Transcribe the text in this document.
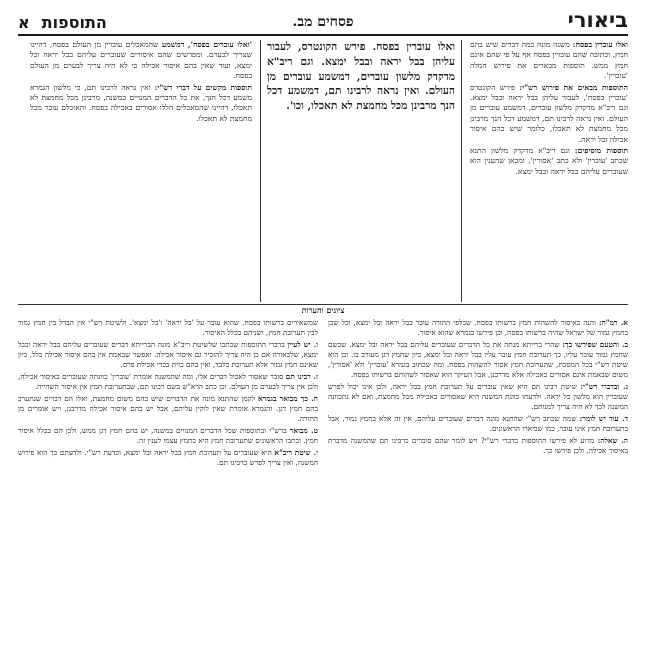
ביאורי
פסחים מב.
התוספות
א

ואלו עוברין בפסח: משנה מונה כמה דברים שיש בהם חמץ, וכתובה שהם עוברין בפסח אף על פי שהם אינם חמץ ממש. תוספות מבארים את פירוש המלה 'עוברין'.

התוספות מבאים את פירוש רש"י: פירש הקונטרס 'עוברין בפסח', לעבור עליהן בבל יראה ובבל ימצא. וגם ריב"א מדקדק מלשון עוברים, דמשמע עוברים מן העולם. ואין נראה לרבינו תם, דמשמע דכל הנך מרבינן מכל מחמצת לא תאכלו, כלומר שיש בהם איסור אכילה ובל יראה.

תוספות מוסיפים: וגם ריב"א מדקדק מלשון התנא שכתב 'עוברין' ולא כתב 'אסורין', ומכאן שהענין הוא שעוברים עליהם בבל יראה ובבל ימצא.

ואלו עוברין בפסח. פירש הקונטרס, לעבור עליהן בבל יראה ובבל ימצא. וגם ריב"א מדקדק מלשון עוברים, דמשמע עוברים מן העולם. ואין נראה לרבינו תם, דמשמע דכל הנך מרבינן מכל מחמצת לא תאכלו, וכו'.

'ואלו עוברים בפסח', דמשמע שהמאכלים עוברין מן העולם בפסח, דהיינו שצריך לבערם. ומפרשים שהם איסורים שעוברים עליהם בבל יראה ובל ימצא, ועוד שאין בהם איסור אכילה כי לא היה צריך לבערם מן העולם בפסח.

תוספות מקשים על דברי רש"י: ואין נראה לרבינו תם, כי מלשון הגמרא משמע דכל הנך, את כל הדברים המנויים במשנה, מרבינן מכל מחמצת לא תאכלו, דהיינו שהמאכלים הללו אסורים באכילה בפסח. והאוכלם עובר מכל מחמצת לא תאכלו.

ציונים והערות

א. רמ"ה: והנה באיסור להשהות חמץ ברשותו בפסח, שכלפי התורה עובר בבל יראה ובל ימצא, וכל שכן בחמץ גמור של ישראל שהיה ברשותו בפסח, וכן פירשו בגמרא שהוא איסור.

ב. והטעם שפירשו כך: שהרי ברייתא מנתה את כל הדברים שעוברים עליהם בבל יראה ובל ימצא. שכשם שחמץ גמור עובר עליו, כך תערובת חמץ עובר עליו בבל יראה ובל ימצא, כיון שחמץ דגן מעורב בו. וכן הוא שיטת רש"י בכל המסכת, שתערובת חמץ אסור להשהות בפסח. ומה שכתוב בגמרא 'עוברין' ולא 'אסורין', משום שבאמת אינם אסורים באכילה אלא מדרבנן, אבל העיקר הוא שאסור לשהותם ברשותו בפסח.

ג. ובדברי רש"י: שיטת רבינו תם היא שאין עוברים על תערובת חמץ בבל יראה, ולכן אינו יכול לפרש שעוברין הוא מלשון בל יראה. ולדעתו כוונת המשנה היא שאסורים באכילה מכל מחמצת, ואם לא נתכוונה המשנה לכך לא היה צריך למנותם.

ד. עוד יש לומר: שמה שכתב רש"י שהתנא מונה דברים שעוברים עליהם, אין זה אלא בחמץ גמור, אבל בתערובת חמץ אינו עובר, כמו שביארו הראשונים.

ה. שאלה: מדוע לא פירשו התוספות כדברי רש"י? ויש לומר שהם סוברים כרבינו תם שהמשנה מדברת באיסור אכילה, ולכן פירשו כך.

שמשאירים ברשותו בפסח, שהוא עובר על 'בל יראה' ו'בל ימצא'. ולשיטת רש"י אין הבדל בין חמץ גמור לבין תערובת חמץ, ושניהם בכלל האיסור.

ו. יש לעיין בדברי התוספות שכתבו שלשיטת ריב"א מונה הברייתא דברים שעוברים עליהם בבל יראה ובבל ימצא, שלכאורה אם כן היה צריך להזכיר גם איסור אכילה. ואפשר שבאמת אין בהם איסור אכילה כלל, כיון שאינם חמץ גמור אלא תערובת בלבד, ואין בהם כזית בכדי אכילת פרס.

ז. רבינו תם סובר שאסור לאכול דברים אלו, ומה שהמשנה אומרת 'עוברין' כוונתה שעוברים באיסור אכילה, ולכן אין צריך לבערם מן העולם. וכן כתב הרא"ש בשם רבינו תם, שבתערובת חמץ אין איסור השהייה.

ח. כך מבואר בגמרא לקמן שהתנא מונה את הדברים שיש בהם משום מחמצת, ואלו הם דברים שנתערב בהם חמץ דגן. והגמרא אומרת שאין לוקין עליהם, אבל יש בהם איסור אכילה מדרבנן, ויש אומרים מן התורה.

ט. מבואר ברש"י ובתוספות שכל הדברים המנויים במשנה, יש בהם חמץ דגן ממש, ולכן הם בכלל איסור חמץ. וכתבו הראשונים שתערובת חמץ היא כחמץ עצמו לענין זה.

י. שיטת ריב"א היא שעוברים על תערובת חמץ בבל יראה ובל ימצא, וכדעת רש"י. ולדעתם כך הוא פירוש המשנה, ואין צריך לפרש כרבינו תם.
